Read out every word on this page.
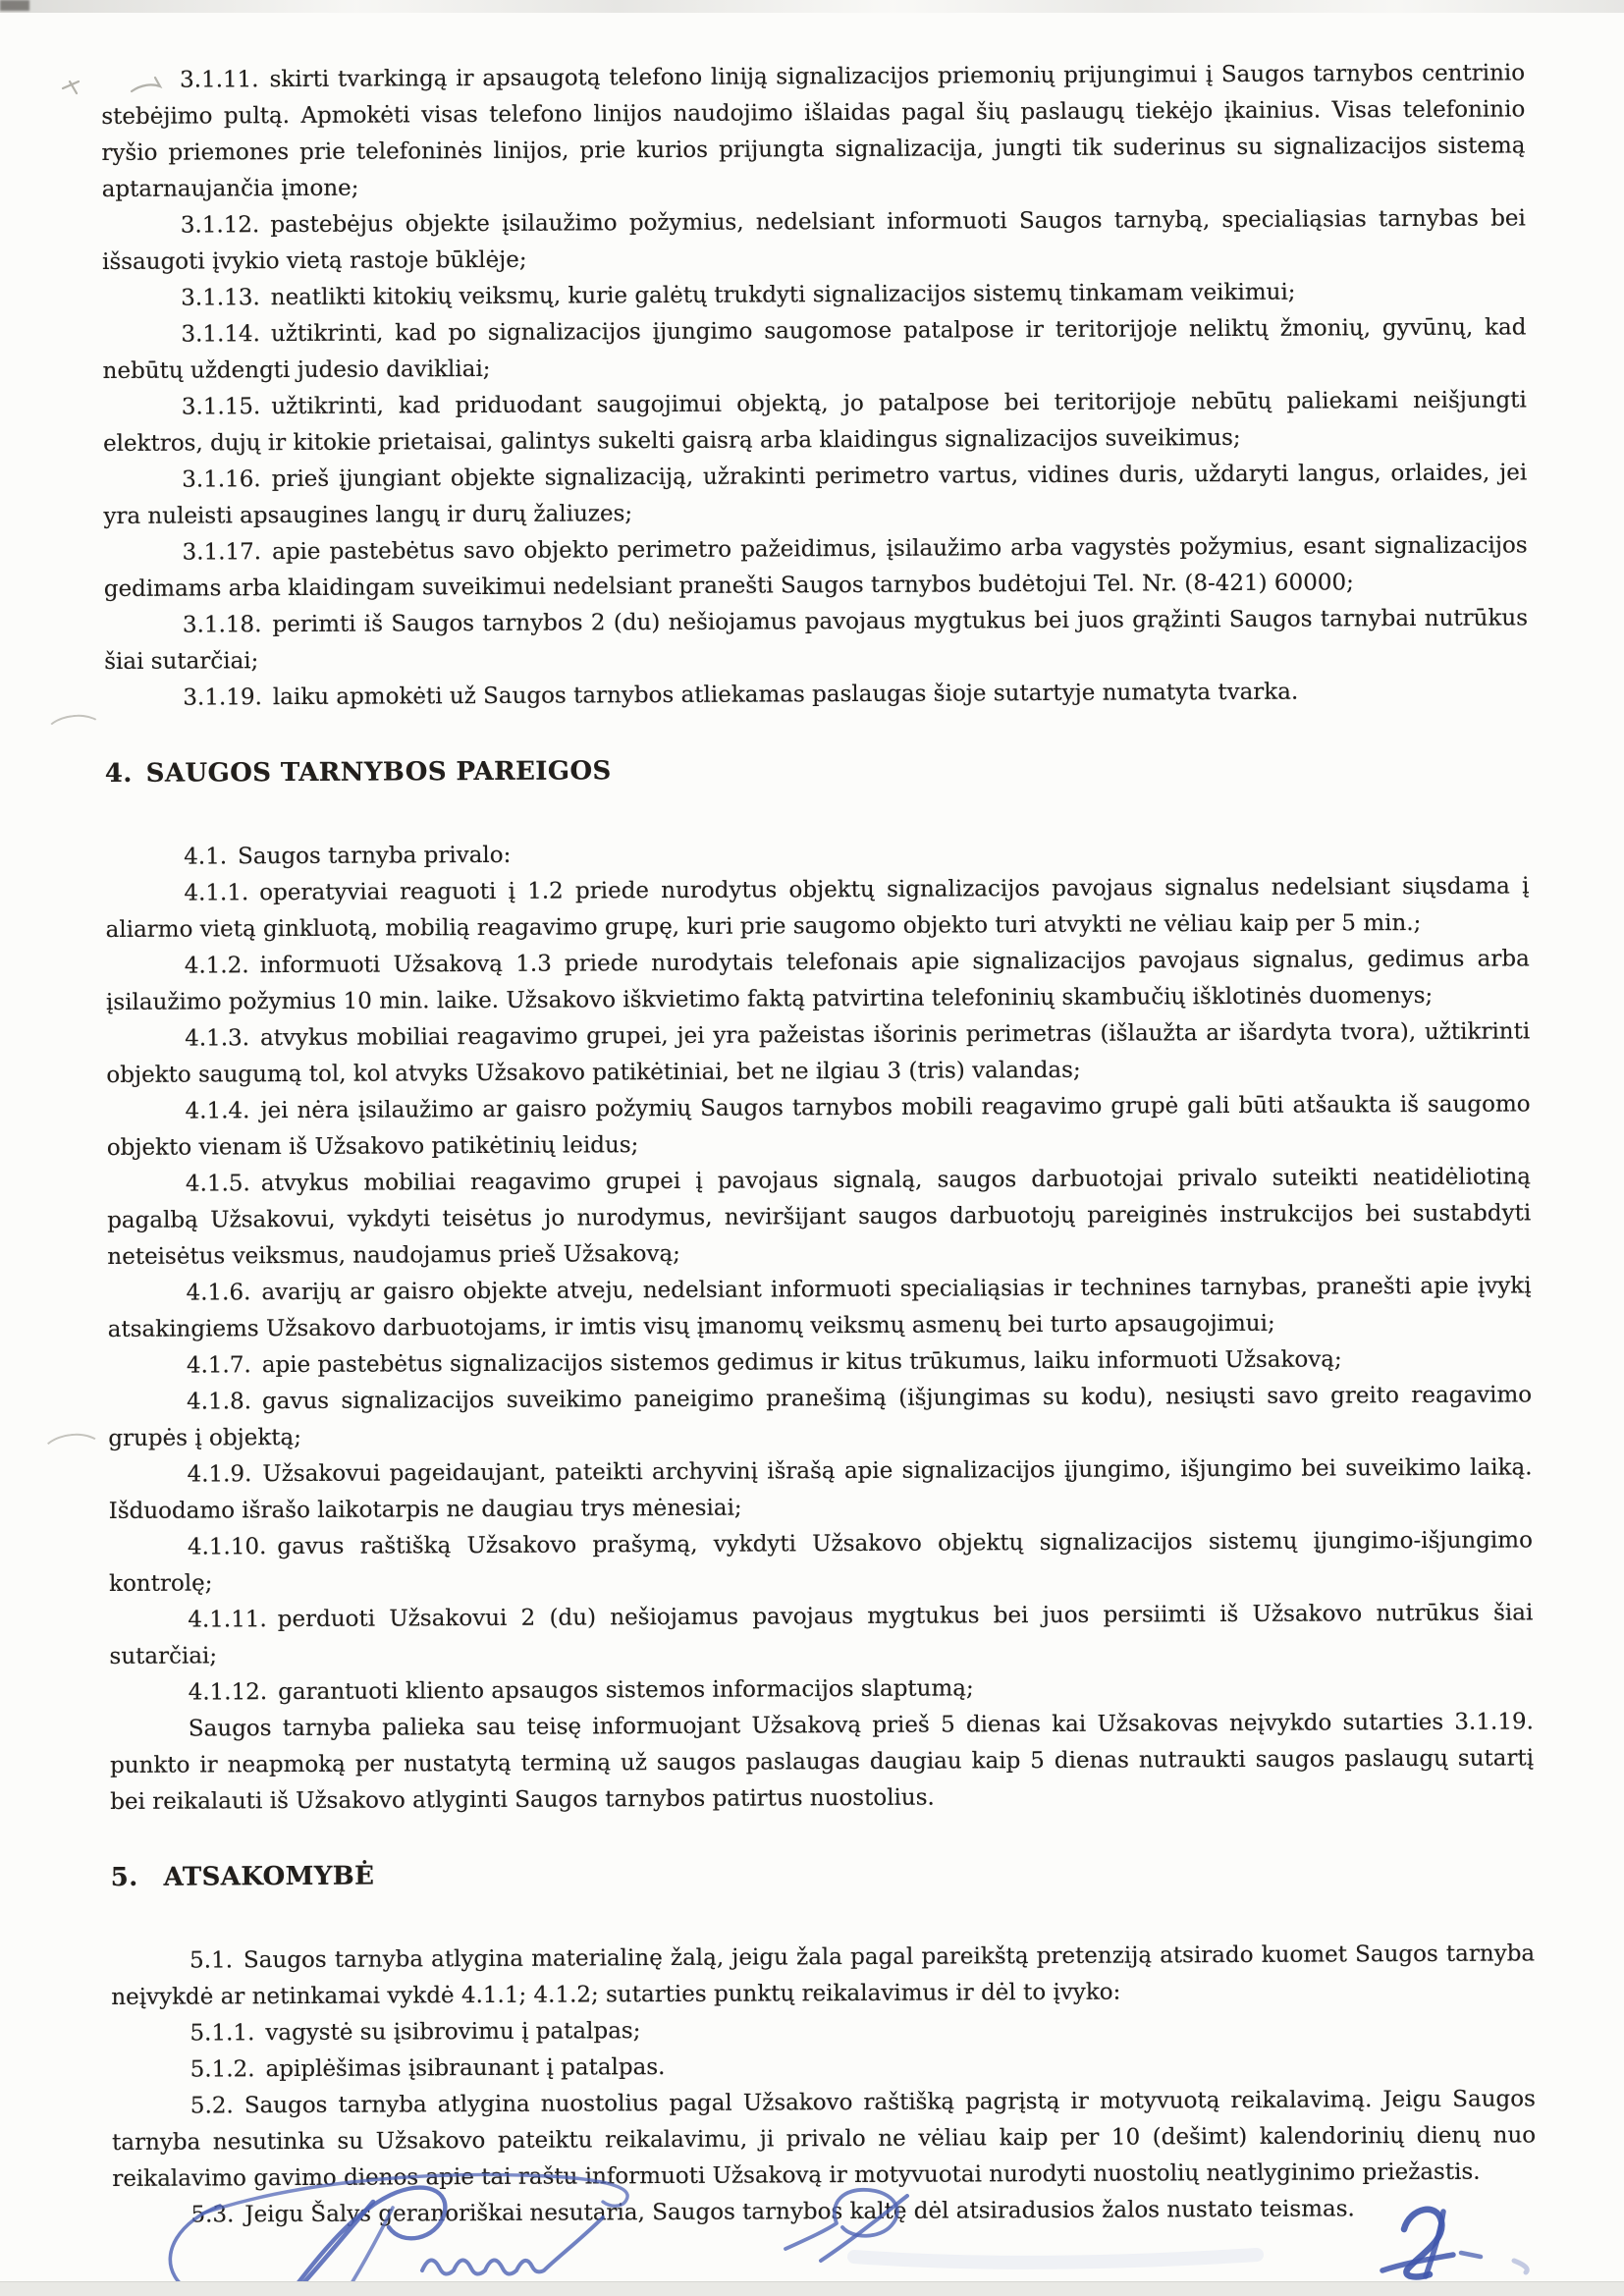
3.1.11. skirti tvarkingą ir apsaugotą telefono liniją signalizacijos priemonių prijungimui į Saugos tarnybos centrinio stebėjimo pultą. Apmokėti visas telefono linijos naudojimo išlaidas pagal šių paslaugų tiekėjo įkainius. Visas telefoninio ryšio priemones prie telefoninės linijos, prie kurios prijungta signalizacija, jungti tik suderinus su signalizacijos sistemą aptarnaujančia įmone;

3.1.12. pastebėjus objekte įsilaužimo požymius, nedelsiant informuoti Saugos tarnybą, specialiąsias tarnybas bei išsaugoti įvykio vietą rastoje būklėje;

3.1.13. neatlikti kitokių veiksmų, kurie galėtų trukdyti signalizacijos sistemų tinkamam veikimui;

3.1.14. užtikrinti, kad po signalizacijos įjungimo saugomose patalpose ir teritorijoje neliktų žmonių, gyvūnų, kad nebūtų uždengti judesio davikliai;

3.1.15. užtikrinti, kad priduodant saugojimui objektą, jo patalpose bei teritorijoje nebūtų paliekami neišjungti elektros, dujų ir kitokie prietaisai, galintys sukelti gaisrą arba klaidingus signalizacijos suveikimus;

3.1.16. prieš įjungiant objekte signalizaciją, užrakinti perimetro vartus, vidines duris, uždaryti langus, orlaides, jei yra nuleisti apsaugines langų ir durų žaliuzes;

3.1.17. apie pastebėtus savo objekto perimetro pažeidimus, įsilaužimo arba vagystės požymius, esant signalizacijos gedimams arba klaidingam suveikimui nedelsiant pranešti Saugos tarnybos budėtojui Tel. Nr. (8-421) 60000;

3.1.18. perimti iš Saugos tarnybos 2 (du) nešiojamus pavojaus mygtukus bei juos grąžinti Saugos tarnybai nutrūkus šiai sutarčiai;

3.1.19. laiku apmokėti už Saugos tarnybos atliekamas paslaugas šioje sutartyje numatyta tvarka.

4. SAUGOS TARNYBOS PAREIGOS

4.1. Saugos tarnyba privalo:

4.1.1. operatyviai reaguoti į 1.2 priede nurodytus objektų signalizacijos pavojaus signalus nedelsiant siųsdama į aliarmo vietą ginkluotą, mobilią reagavimo grupę, kuri prie saugomo objekto turi atvykti ne vėliau kaip per 5 min.;

4.1.2. informuoti Užsakovą 1.3 priede nurodytais telefonais apie signalizacijos pavojaus signalus, gedimus arba įsilaužimo požymius 10 min. laike. Užsakovo iškvietimo faktą patvirtina telefoninių skambučių išklotinės duomenys;

4.1.3. atvykus mobiliai reagavimo grupei, jei yra pažeistas išorinis perimetras (išlaužta ar išardyta tvora), užtikrinti objekto saugumą tol, kol atvyks Užsakovo patikėtiniai, bet ne ilgiau 3 (tris) valandas;

4.1.4. jei nėra įsilaužimo ar gaisro požymių Saugos tarnybos mobili reagavimo grupė gali būti atšaukta iš saugomo objekto vienam iš Užsakovo patikėtinių leidus;

4.1.5. atvykus mobiliai reagavimo grupei į pavojaus signalą, saugos darbuotojai privalo suteikti neatidėliotiną pagalbą Užsakovui, vykdyti teisėtus jo nurodymus, neviršijant saugos darbuotojų pareiginės instrukcijos bei sustabdyti neteisėtus veiksmus, naudojamus prieš Užsakovą;

4.1.6. avarijų ar gaisro objekte atveju, nedelsiant informuoti specialiąsias ir technines tarnybas, pranešti apie įvykį atsakingiems Užsakovo darbuotojams, ir imtis visų įmanomų veiksmų asmenų bei turto apsaugojimui;

4.1.7. apie pastebėtus signalizacijos sistemos gedimus ir kitus trūkumus, laiku informuoti Užsakovą;

4.1.8. gavus signalizacijos suveikimo paneigimo pranešimą (išjungimas su kodu), nesiųsti savo greito reagavimo grupės į objektą;

4.1.9. Užsakovui pageidaujant, pateikti archyvinį išrašą apie signalizacijos įjungimo, išjungimo bei suveikimo laiką. Išduodamo išrašo laikotarpis ne daugiau trys mėnesiai;

4.1.10. gavus raštišką Užsakovo prašymą, vykdyti Užsakovo objektų signalizacijos sistemų įjungimo-išjungimo kontrolę;

4.1.11. perduoti Užsakovui 2 (du) nešiojamus pavojaus mygtukus bei juos persiimti iš Užsakovo nutrūkus šiai sutarčiai;

4.1.12. garantuoti kliento apsaugos sistemos informacijos slaptumą;

Saugos tarnyba palieka sau teisę informuojant Užsakovą prieš 5 dienas kai Užsakovas neįvykdo sutarties 3.1.19. punkto ir neapmoką per nustatytą terminą už saugos paslaugas daugiau kaip 5 dienas nutraukti saugos paslaugų sutartį bei reikalauti iš Užsakovo atlyginti Saugos tarnybos patirtus nuostolius.

5. ATSAKOMYBĖ

5.1. Saugos tarnyba atlygina materialinę žalą, jeigu žala pagal pareikštą pretenziją atsirado kuomet Saugos tarnyba neįvykdė ar netinkamai vykdė 4.1.1; 4.1.2; sutarties punktų reikalavimus ir dėl to įvyko:

5.1.1. vagystė su įsibrovimu į patalpas;

5.1.2. apiplėšimas įsibraunant į patalpas.

5.2. Saugos tarnyba atlygina nuostolius pagal Užsakovo raštišką pagrįstą ir motyvuotą reikalavimą. Jeigu Saugos tarnyba nesutinka su Užsakovo pateiktu reikalavimu, ji privalo ne vėliau kaip per 10 (dešimt) kalendorinių dienų nuo reikalavimo gavimo dienos apie tai raštu informuoti Užsakovą ir motyvuotai nurodyti nuostolių neatlyginimo priežastis.

5.3. Jeigu Šalys geranoriškai nesutaria, Saugos tarnybos kaltę dėl atsiradusios žalos nustato teismas.
